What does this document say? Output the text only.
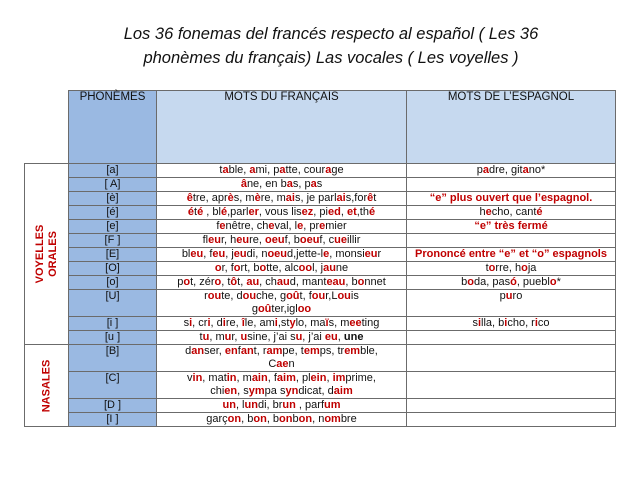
Los 36 fonemas del francés respecto al español ( Les 36
phonèmes du français) Las vocales ( Les voyelles )
	PHONÈMES	MOTS DU FRANÇAIS	MOTS DE L’ESPAGNOL

VOYELLES ORALES	[a]	table, ami, patte, courage	padre, gitano*
	[ A]	âne, en bas, pas	
	[è]	être, après, mère, mais, je parlais,forêt	“e” plus ouvert que l’espagnol.
	[é]	été , blé,parler, vous lisez, pied, et,thé	hecho, canté
	[e]	fenêtre, cheval, le, premier	“e” très fermé
	[F ]	fleur, heure, oeuf, boeuf, cueillir	
	[E]	bleu, feu, jeudi, noeud,jette-le, monsieur	Prononcé entre “e” et “o” espagnols
	[O]	or, fort, botte, alcool, jaune	torre, hoja
	[o]	pot, zéro, tôt, au, chaud, manteau, bonnet	boda, pasó, pueblo*
	[U]	route, douche, goût, four,Louis
goûter,igloo	puro
	[i ]	si, cri, dire, île, ami,stylo, maïs, meeting	silla, bicho, rico
	[u ]	tu, mur, usine, j’ai su, j’ai eu, une	

NASALES	[B]	danser, enfant, rampe, temps, tremble,
Caen	
	[C]	vin, matin, main, faim, plein, imprime,
chien, sympa syndicat, daim	
	[D ]	un, lundi, brun , parfum	
	[I ]	garçon, bon, bonbon, nombre	
